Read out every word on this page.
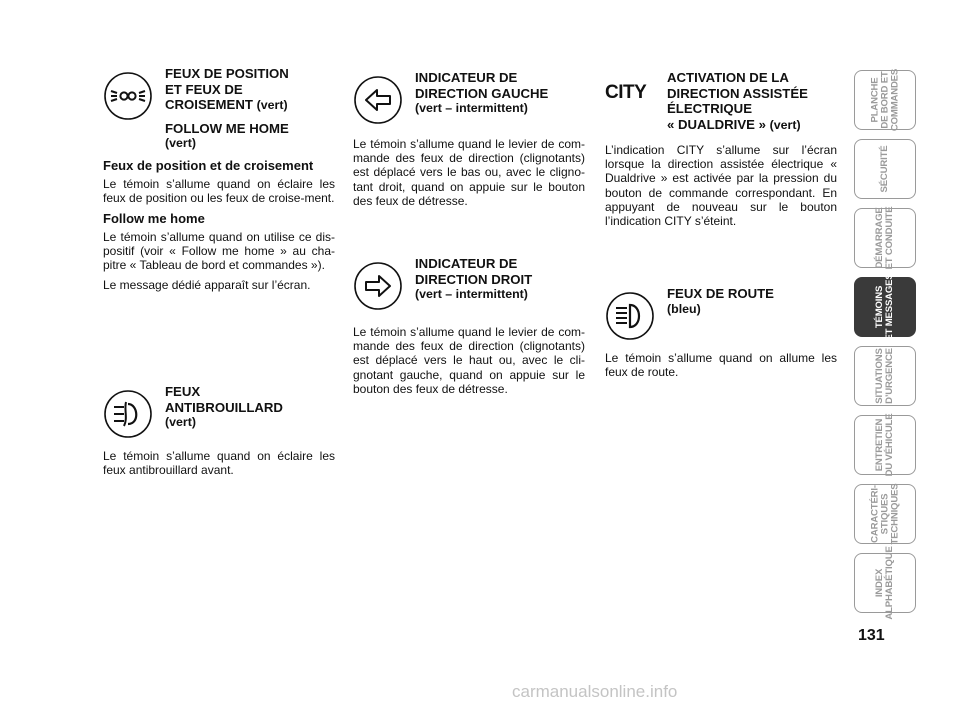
FEUX DE POSITION
ET FEUX DE
CROISEMENT (vert)
FOLLOW ME HOME
(vert)
Feux de position et de croisement

Le témoin s’allume quand on éclaire les feux de position ou les feux de croise-ment.

Follow me home

Le témoin s’allume quand on utilise ce dis-positif (voir « Follow me home » au cha-pitre « Tableau de bord et commandes »).

Le message dédié apparaît sur l’écran.

FEUX
ANTIBROUILLARD
(vert)

Le témoin s’allume quand on éclaire les feux antibrouillard avant.

INDICATEUR DE
DIRECTION GAUCHE
(vert – intermittent)

Le témoin s’allume quand le levier de com-mande des feux de direction (clignotants) est déplacé vers le bas ou, avec le cligno-tant droit, quand on appuie sur le bouton des feux de détresse.

INDICATEUR DE
DIRECTION DROIT
(vert – intermittent)

Le témoin s’allume quand le levier de com-mande des feux de direction (clignotants) est déplacé vers le haut ou, avec le cli-gnotant gauche, quand on appuie sur le bouton des feux de détresse.

CITY
ACTIVATION DE LA
DIRECTION ASSISTÉE
ÉLECTRIQUE
« DUALDRIVE » (vert)

L’indication CITY s’allume sur l’écran lorsque la direction assistée électrique « Dualdrive » est activée par la pression du bouton de commande correspondant. En appuyant de nouveau sur le bouton l’indication CITY s’éteint.

FEUX DE ROUTE
(bleu)

Le témoin s’allume quand on allume les feux de route.

PLANCHE
DE BORD ET
COMMANDES
SÉCURITÉ
DÉMARRAGE
ET CONDUITE
TÉMOINS
ET MESSAGES
SITUATIONS
D’URGENCE
ENTRETIEN
DU VÉHICULE
CARACTÉRI-
STIQUES
TECHNIQUES
INDEX
ALPHABÉTIQUE
131
carmanualsonline.info
